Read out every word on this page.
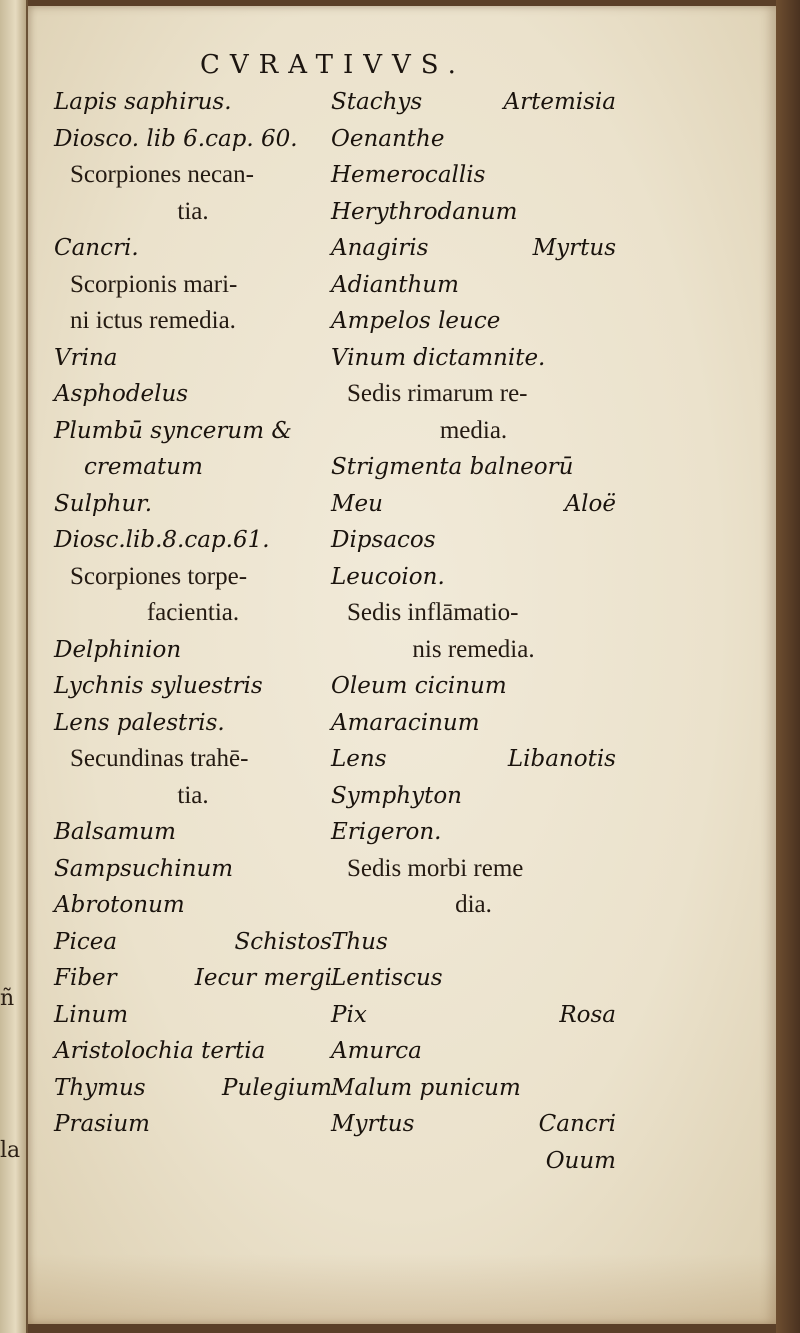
ñ
la
CVRATIVVS.
Lapis saphirus.
Diosco. lib 6.cap. 60.
Scorpiones necan-
tia.
Cancri.
Scorpionis mari-
ni ictus remedia.
Vrina
Asphodelus
Plumbū syncerum &
crematum
Sulphur.
Diosc.lib.8.cap.61.
Scorpiones torpe-
facientia.
Delphinion
Lychnis syluestris
Lens palestris.
Secundinas trahē-
tia.
Balsamum
Sampsuchinum
Abrotonum
Picea	Schistos
Fiber	Iecur mergi
Linum
Aristolochia tertia
Thymus	Pulegium
Prasium
Stachys	Artemisia
Oenanthe
Hemerocallis
Herythrodanum
Anagiris	Myrtus
Adianthum
Ampelos leuce
Vinum dictamnite.
Sedis rimarum re-
media.
Strigmenta balneorū
Meu	Aloë
Dipsacos
Leucoion.
Sedis inflāmatio-
nis remedia.
Oleum cicinum
Amaracinum
Lens	Libanotis
Symphyton
Erigeron.
Sedis morbi reme
dia.
Thus
Lentiscus
Pix	Rosa
Amurca
Malum punicum
Myrtus	Cancri
Ouum
